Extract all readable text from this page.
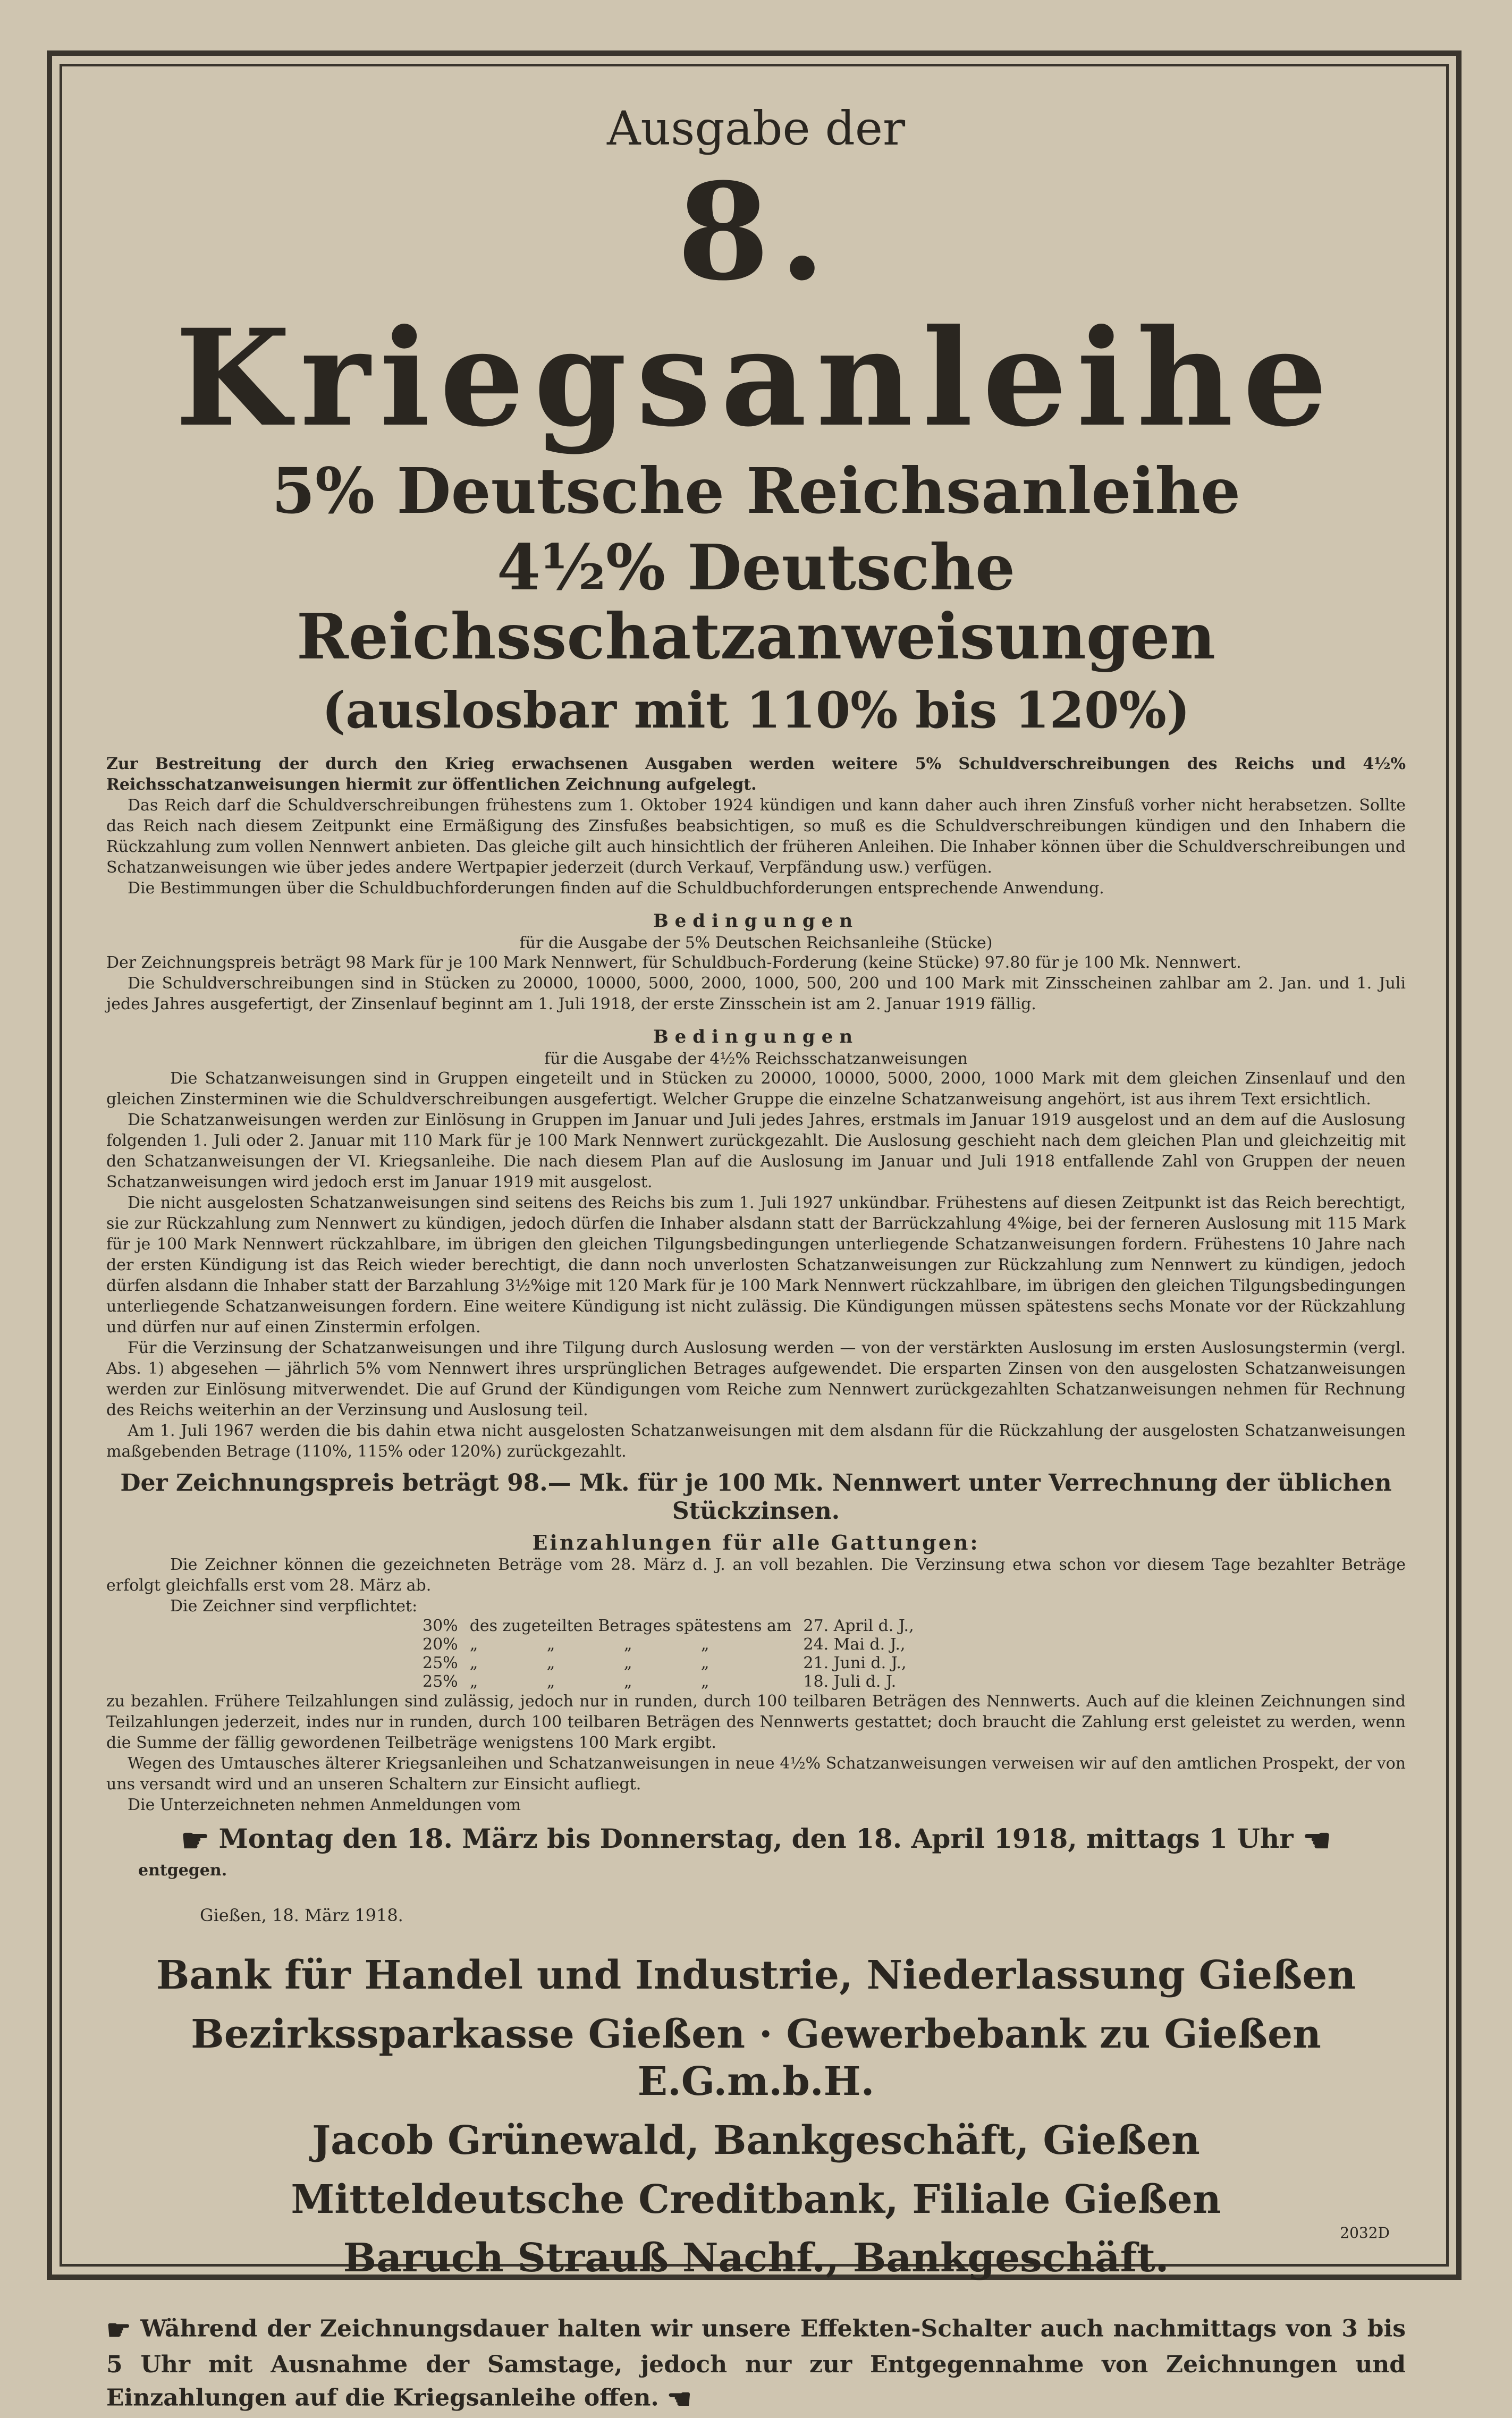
Ausgabe der

8. Kriegsanleihe

5% Deutsche Reichsanleihe

4½% Deutsche Reichsschatzanweisungen

(auslosbar mit 110% bis 120%)

Zur Bestreitung der durch den Krieg erwachsenen Ausgaben werden weitere 5% Schuldverschreibungen des Reichs und 4½% Reichsschatzanweisungen hiermit zur öffentlichen Zeichnung aufgelegt.

Das Reich darf die Schuldverschreibungen frühestens zum 1. Oktober 1924 kündigen und kann daher auch ihren Zinsfuß vorher nicht herabsetzen. Sollte das Reich nach diesem Zeitpunkt eine Ermäßigung des Zinsfußes beabsichtigen, so muß es die Schuldverschreibungen kündigen und den Inhabern die Rückzahlung zum vollen Nennwert anbieten. Das gleiche gilt auch hinsichtlich der früheren Anleihen. Die Inhaber können über die Schuldverschreibungen und Schatzanweisungen wie über jedes andere Wertpapier jederzeit (durch Verkauf, Verpfändung usw.) verfügen.

Die Bestimmungen über die Schuldbuchforderungen finden auf die Schuldbuchforderungen entsprechende Anwendung.

Bedingungen

für die Ausgabe der 5% Deutschen Reichsanleihe (Stücke)

Der Zeichnungspreis beträgt 98 Mark für je 100 Mark Nennwert, für Schuldbuch-Forderung (keine Stücke) 97.80 für je 100 Mk. Nennwert.

Die Schuldverschreibungen sind in Stücken zu 20000, 10000, 5000, 2000, 1000, 500, 200 und 100 Mark mit Zinsscheinen zahlbar am 2. Jan. und 1. Juli jedes Jahres ausgefertigt, der Zinsenlauf beginnt am 1. Juli 1918, der erste Zinsschein ist am 2. Januar 1919 fällig.

Bedingungen

für die Ausgabe der 4½% Reichsschatzanweisungen

Die Schatzanweisungen sind in Gruppen eingeteilt und in Stücken zu 20000, 10000, 5000, 2000, 1000 Mark mit dem gleichen Zinsenlauf und den gleichen Zinsterminen wie die Schuldverschreibungen ausgefertigt. Welcher Gruppe die einzelne Schatzanweisung angehört, ist aus ihrem Text ersichtlich.

Die Schatzanweisungen werden zur Einlösung in Gruppen im Januar und Juli jedes Jahres, erstmals im Januar 1919 ausgelost und an dem auf die Auslosung folgenden 1. Juli oder 2. Januar mit 110 Mark für je 100 Mark Nennwert zurückgezahlt. Die Auslosung geschieht nach dem gleichen Plan und gleichzeitig mit den Schatzanweisungen der VI. Kriegsanleihe. Die nach diesem Plan auf die Auslosung im Januar und Juli 1918 entfallende Zahl von Gruppen der neuen Schatzanweisungen wird jedoch erst im Januar 1919 mit ausgelost.

Die nicht ausgelosten Schatzanweisungen sind seitens des Reichs bis zum 1. Juli 1927 unkündbar. Frühestens auf diesen Zeitpunkt ist das Reich berechtigt, sie zur Rückzahlung zum Nennwert zu kündigen, jedoch dürfen die Inhaber alsdann statt der Barrückzahlung 4%ige, bei der ferneren Auslosung mit 115 Mark für je 100 Mark Nennwert rückzahlbare, im übrigen den gleichen Tilgungsbedingungen unterliegende Schatzanweisungen fordern. Frühestens 10 Jahre nach der ersten Kündigung ist das Reich wieder berechtigt, die dann noch unverlosten Schatzanweisungen zur Rückzahlung zum Nennwert zu kündigen, jedoch dürfen alsdann die Inhaber statt der Barzahlung 3½%ige mit 120 Mark für je 100 Mark Nennwert rückzahlbare, im übrigen den gleichen Tilgungsbedingungen unterliegende Schatzanweisungen fordern. Eine weitere Kündigung ist nicht zulässig. Die Kündigungen müssen spätestens sechs Monate vor der Rückzahlung und dürfen nur auf einen Zinstermin erfolgen.

Für die Verzinsung der Schatzanweisungen und ihre Tilgung durch Auslosung werden — von der verstärkten Auslosung im ersten Auslosungstermin (vergl. Abs. 1) abgesehen — jährlich 5% vom Nennwert ihres ursprünglichen Betrages aufgewendet. Die ersparten Zinsen von den ausgelosten Schatzanweisungen werden zur Einlösung mitverwendet. Die auf Grund der Kündigungen vom Reiche zum Nennwert zurückgezahlten Schatzanweisungen nehmen für Rechnung des Reichs weiterhin an der Verzinsung und Auslosung teil.

Am 1. Juli 1967 werden die bis dahin etwa nicht ausgelosten Schatzanweisungen mit dem alsdann für die Rückzahlung der ausgelosten Schatzanweisungen maßgebenden Betrage (110%, 115% oder 120%) zurückgezahlt.

Der Zeichnungspreis beträgt 98.— Mk. für je 100 Mk. Nennwert unter Verrechnung der üblichen Stückzinsen.

Einzahlungen für alle Gattungen:

Die Zeichner können die gezeichneten Beträge vom 28. März d. J. an voll bezahlen. Die Verzinsung etwa schon vor diesem Tage bezahlter Beträge erfolgt gleichfalls erst vom 28. März ab.

Die Zeichner sind verpflichtet:

30%	des zugeteilten Betrages spätestens am	27. April d. J.,
20%	„ „ „ „	24. Mai d. J.,
25%	„ „ „ „	21. Juni d. J.,
25%	„ „ „ „	18. Juli d. J.

zu bezahlen. Frühere Teilzahlungen sind zulässig, jedoch nur in runden, durch 100 teilbaren Beträgen des Nennwerts. Auch auf die kleinen Zeichnungen sind Teilzahlungen jederzeit, indes nur in runden, durch 100 teilbaren Beträgen des Nennwerts gestattet; doch braucht die Zahlung erst geleistet zu werden, wenn die Summe der fällig gewordenen Teilbeträge wenigstens 100 Mark ergibt.

Wegen des Umtausches älterer Kriegsanleihen und Schatzanweisungen in neue 4½% Schatzanweisungen verweisen wir auf den amtlichen Prospekt, der von uns versandt wird und an unseren Schaltern zur Einsicht aufliegt.

Die Unterzeichneten nehmen Anmeldungen vom

☛ Montag den 18. März bis Donnerstag, den 18. April 1918, mittags 1 Uhr ☚

entgegen.

Gießen, 18. März 1918.

Bank für Handel und Industrie, Niederlassung Gießen

Bezirkssparkasse Gießen · Gewerbebank zu Gießen E.G.m.b.H.

Jacob Grünewald, Bankgeschäft, Gießen

Mitteldeutsche Creditbank, Filiale Gießen

Baruch Strauß Nachf., Bankgeschäft.

☛ Während der Zeichnungsdauer halten wir unsere Effekten-Schalter auch nachmittags von 3 bis 5 Uhr mit Ausnahme der Samstage, jedoch nur zur Entgegennahme von Zeichnungen und Einzahlungen auf die Kriegsanleihe offen. ☚

2032D
